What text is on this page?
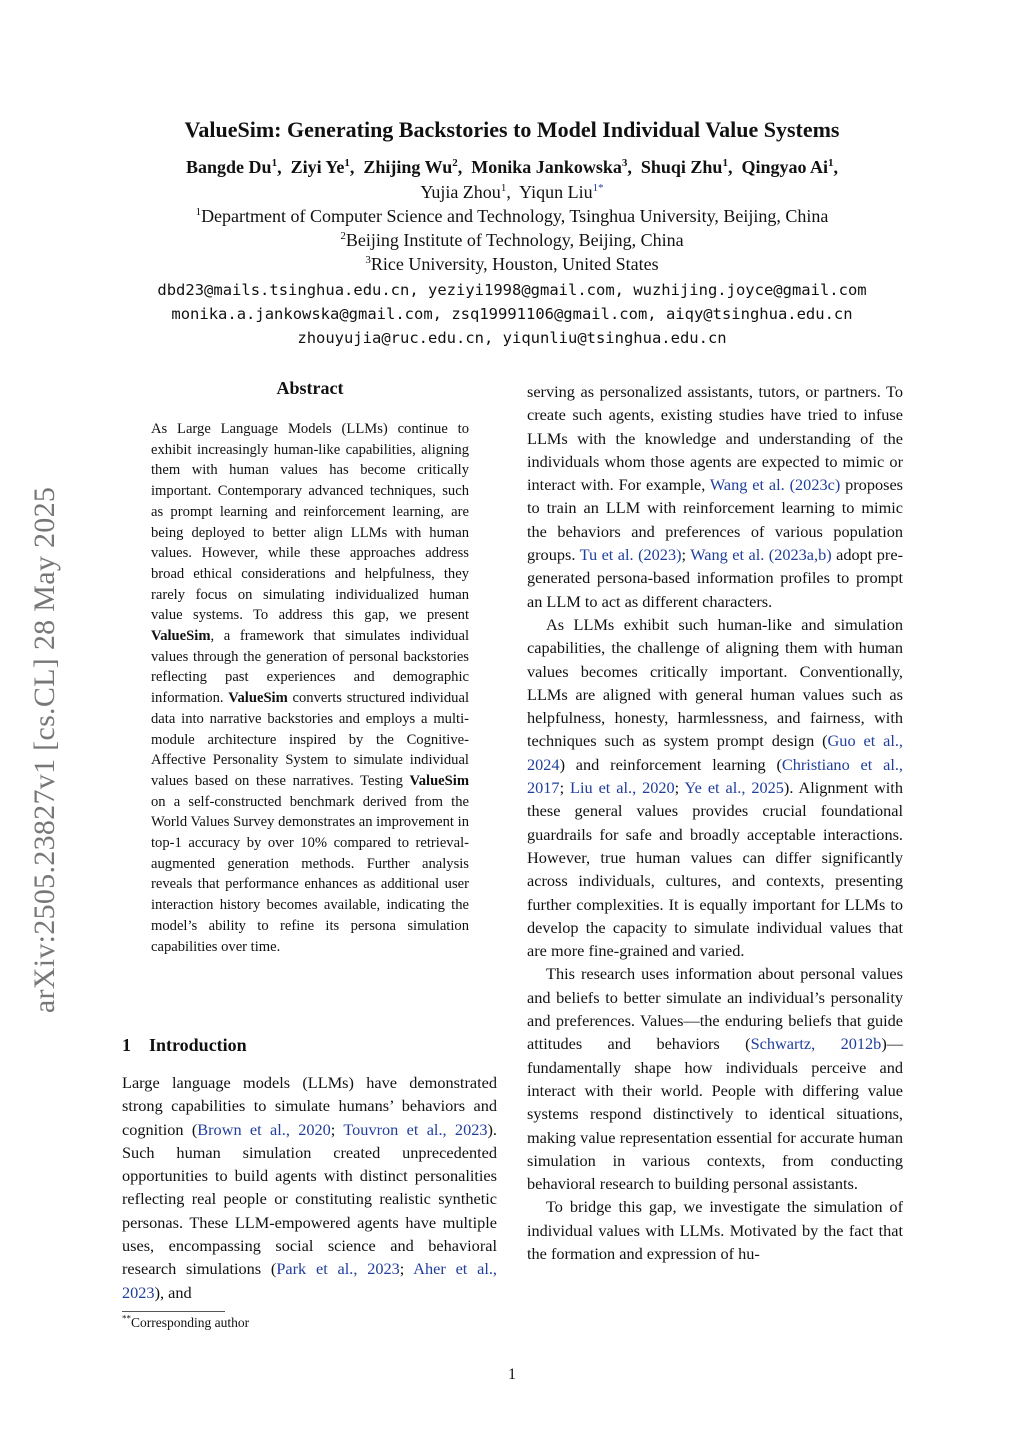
ValueSim: Generating Backstories to Model Individual Value Systems
Bangde Du$^1$,  Ziyi Ye$^1$,  Zhijing Wu$^2$,  Monika Jankowska$^3$,  Shuqi Zhu$^1$,  Qingyao Ai$^1$,
Yujia Zhou$^1$,  Yiqun Liu$^{1*}$
$^1$Department of Computer Science and Technology, Tsinghua University, Beijing, China
$^2$Beijing Institute of Technology, Beijing, China
$^3$Rice University, Houston, United States
dbd23@mails.tsinghua.edu.cn, yeziyi1998@gmail.com, wuzhijing.joyce@gmail.com
monika.a.jankowska@gmail.com, zsq19991106@gmail.com, aiqy@tsinghua.edu.cn
zhouyujia@ruc.edu.cn, yiqunliu@tsinghua.edu.cn
arXiv:2505.23827v1 [cs.CL] 28 May 2025
Abstract
As Large Language Models (LLMs) continue to exhibit increasingly human-like capabilities, aligning them with human values has become critically important. Contemporary advanced techniques, such as prompt learning and reinforcement learning, are being deployed to better align LLMs with human values. However, while these approaches address broad ethical considerations and helpfulness, they rarely focus on simulating individualized human value systems. To address this gap, we present ValueSim, a framework that simulates individual values through the generation of personal backstories reflecting past experiences and demographic information. ValueSim converts structured individual data into narrative backstories and employs a multi-module architecture inspired by the Cognitive-Affective Personality System to simulate individual values based on these narratives. Testing ValueSim on a self-constructed benchmark derived from the World Values Survey demonstrates an improvement in top-1 accuracy by over 10% compared to retrieval-augmented generation methods. Further analysis reveals that performance enhances as additional user interaction history becomes available, indicating the model’s ability to refine its persona simulation capabilities over time.
1 Introduction

Large language models (LLMs) have demonstrated strong capabilities to simulate humans’ behaviors and cognition (Brown et al., 2020; Touvron et al., 2023). Such human simulation created unprecedented opportunities to build agents with distinct personalities reflecting real people or constituting realistic synthetic personas. These LLM-empowered agents have multiple uses, encompassing social science and behavioral research simulations (Park et al., 2023; Aher et al., 2023), and

serving as personalized assistants, tutors, or partners. To create such agents, existing studies have tried to infuse LLMs with the knowledge and understanding of the individuals whom those agents are expected to mimic or interact with. For example, Wang et al. (2023c) proposes to train an LLM with reinforcement learning to mimic the behaviors and preferences of various population groups. Tu et al. (2023); Wang et al. (2023a,b) adopt pre-generated persona-based information profiles to prompt an LLM to act as different characters.

As LLMs exhibit such human-like and simulation capabilities, the challenge of aligning them with human values becomes critically important. Conventionally, LLMs are aligned with general human values such as helpfulness, honesty, harmlessness, and fairness, with techniques such as system prompt design (Guo et al., 2024) and reinforcement learning (Christiano et al., 2017; Liu et al., 2020; Ye et al., 2025). Alignment with these general values provides crucial foundational guardrails for safe and broadly acceptable interactions. However, true human values can differ significantly across individuals, cultures, and contexts, presenting further complexities. It is equally important for LLMs to develop the capacity to simulate individual values that are more fine-grained and varied.

This research uses information about personal values and beliefs to better simulate an individual’s personality and preferences. Values—the enduring beliefs that guide attitudes and behaviors (Schwartz, 2012b)—fundamentally shape how individuals perceive and interact with their world. People with differing value systems respond distinctively to identical situations, making value representation essential for accurate human simulation in various contexts, from conducting behavioral research to building personal assistants.

To bridge this gap, we investigate the simulation of individual values with LLMs. Motivated by the fact that the formation and expression of hu-

**Corresponding author
1
